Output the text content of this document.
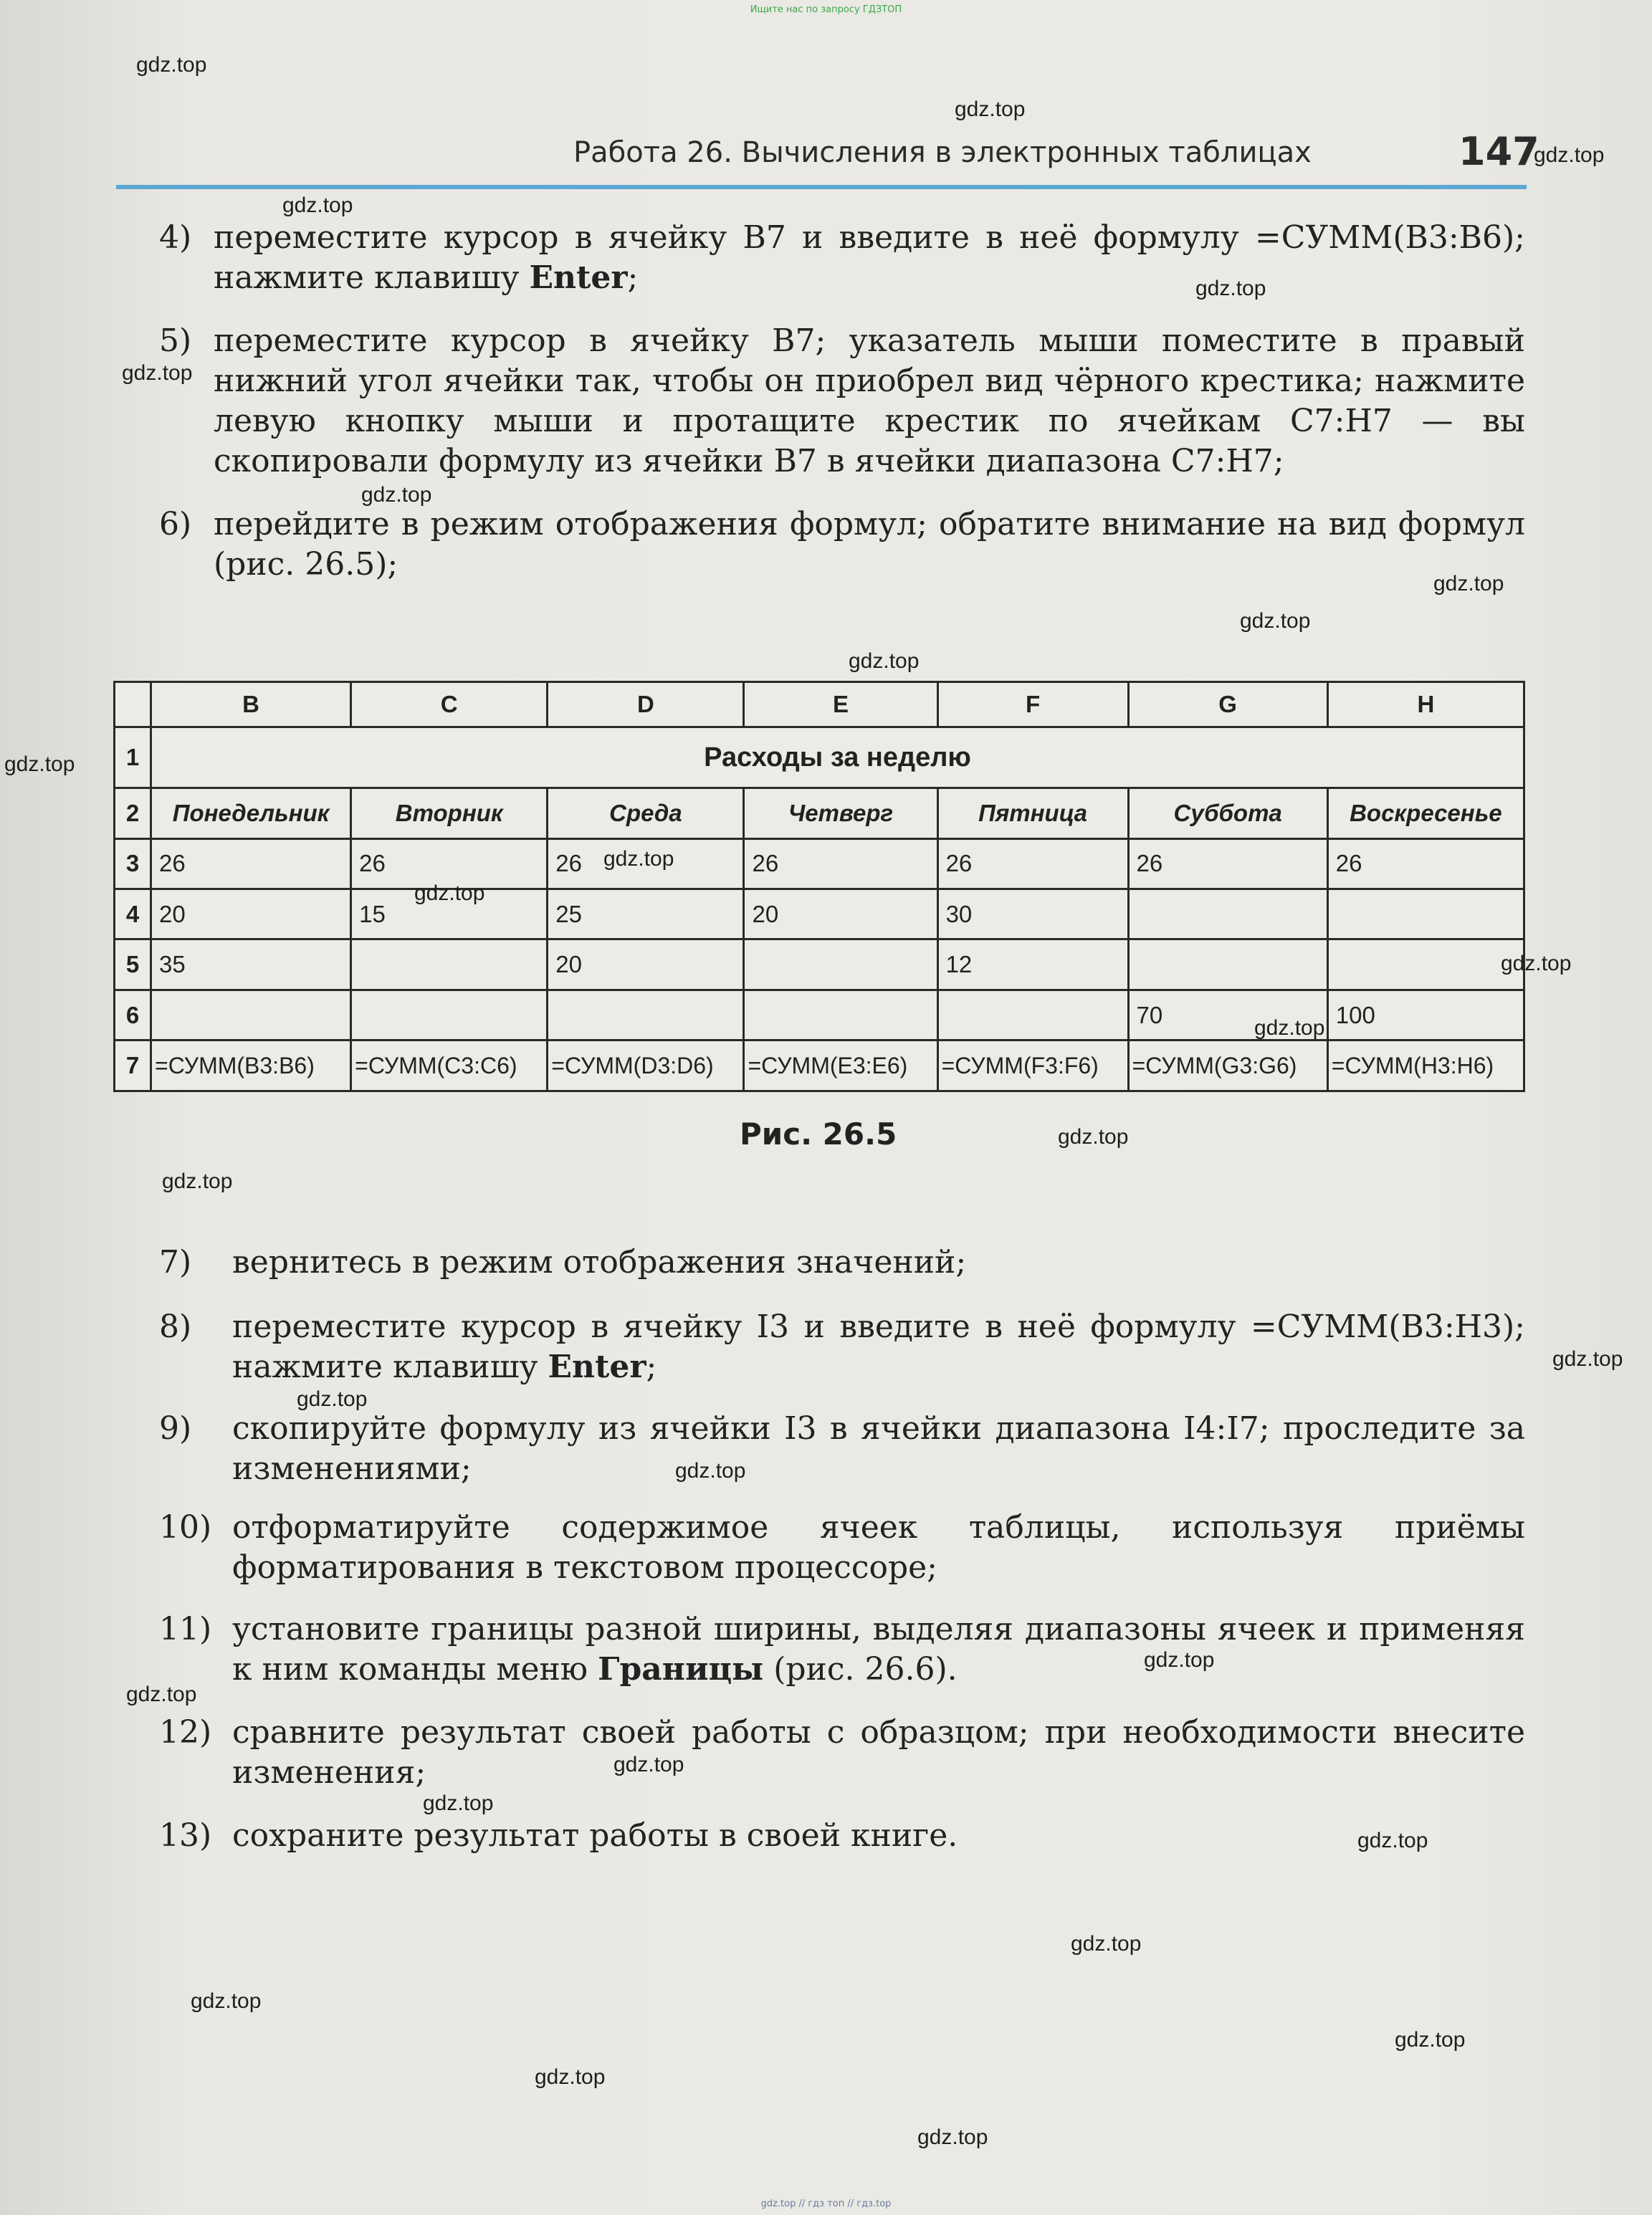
Ищите нас по запросу ГДЗТОП
Работа 26. Вычисления в электронных таблицах	147
4) переместите курсор в ячейку B7 и введите в неё формулу =СУММ(B3:B6); нажмите клавишу Enter;
5) переместите курсор в ячейку B7; указатель мыши поместите в правый нижний угол ячейки так, чтобы он приобрел вид чёрного крестика; нажмите левую кнопку мыши и протащите крестик по ячейкам C7:H7 — вы скопировали формулу из ячейки B7 в ячейки диапазона C7:H7;
6) перейдите в режим отображения формул; обратите внимание на вид формул (рис. 26.5);
	B	C	D	E	F	G	H
1	Расходы за неделю						
2	Понедельник	Вторник	Среда	Четверг	Пятница	Суббота	Воскресенье
3	26	26	26	26	26	26	26
4	20	15	25	20	30		
5	35		20		12		
6						70	100
7	=СУММ(B3:B6)	=СУММ(C3:C6)	=СУММ(D3:D6)	=СУММ(E3:E6)	=СУММ(F3:F6)	=СУММ(G3:G6)	=СУММ(H3:H6)
Рис. 26.5
7)	вернитесь в режим отображения значений;
8)	переместите курсор в ячейку I3 и введите в неё формулу =СУММ(B3:H3); нажмите клавишу Enter;
9)	скопируйте формулу из ячейки I3 в ячейки диапазона I4:I7; проследите за изменениями;
10) отформатируйте содержимое ячеек таблицы, используя приёмы форматирования в текстовом процессоре;
11) установите границы разной ширины, выделяя диапазоны ячеек и применяя к ним команды меню Границы (рис. 26.6).
12) сравните результат своей работы с образцом; при необходимости внесите изменения;
13) сохраните результат работы в своей книге.
gdz.top
gdz.top
gdz.top
gdz.top
gdz.top
gdz.top
gdz.top
gdz.top
gdz.top
gdz.top
gdz.top
gdz.top
gdz.top
gdz.top
gdz.top
gdz.top
gdz.top
gdz.top
gdz.top
gdz.top
gdz.top
gdz.top
gdz.top
gdz.top
gdz.top
gdz.top
gdz.top
gdz.top
gdz.top
gdz.top
gdz.top // гдз топ // гдз.top
